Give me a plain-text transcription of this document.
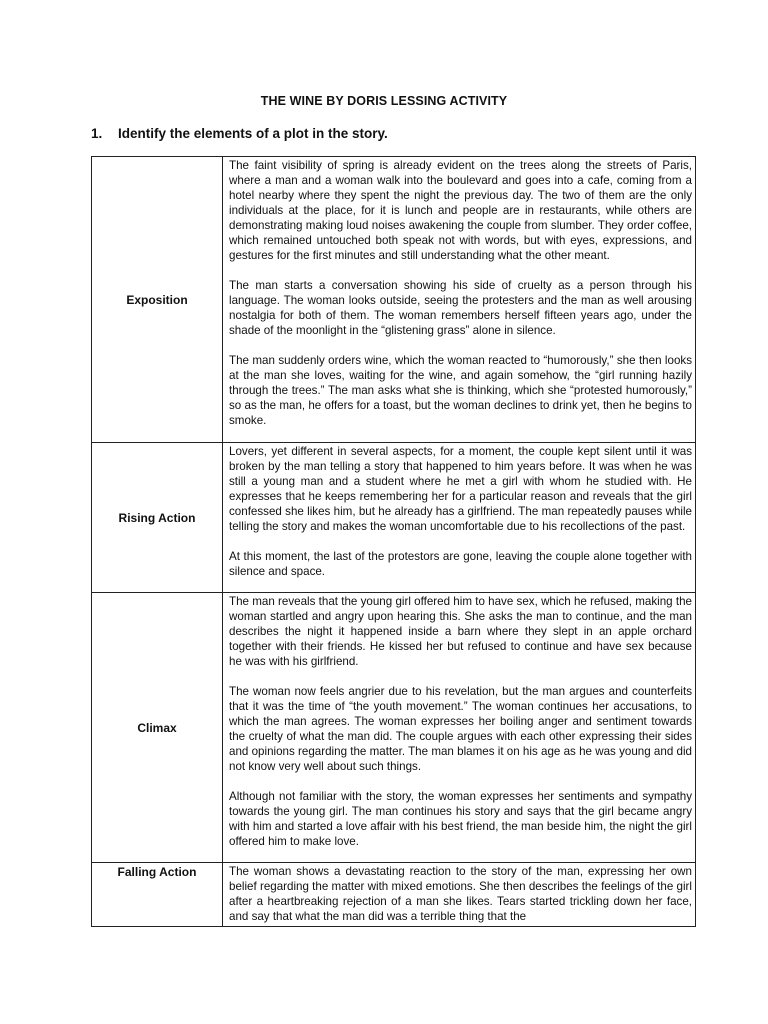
THE WINE BY DORIS LESSING ACTIVITY
1. Identify the elements of a plot in the story.
Exposition	The faint visibility of spring is already evident on the trees along the streets of Paris, where a man and a woman walk into the boulevard and goes into a cafe, coming from a hotel nearby where they spent the night the previous day. The two of them are the only individuals at the place, for it is lunch and people are in restaurants, while others are demonstrating making loud noises awakening the couple from slumber. They order coffee, which remained untouched both speak not with words, but with eyes, expressions, and gestures for the first minutes and still understanding what the other meant.

The man starts a conversation showing his side of cruelty as a person through his language. The woman looks outside, seeing the protesters and the man as well arousing nostalgia for both of them. The woman remembers herself fifteen years ago, under the shade of the moonlight in the “glistening grass” alone in silence.

The man suddenly orders wine, which the woman reacted to “humorously,” she then looks at the man she loves, waiting for the wine, and again somehow, the “girl running hazily through the trees.” The man asks what she is thinking, which she “protested humorously,” so as the man, he offers for a toast, but the woman declines to drink yet, then he begins to smoke.

Rising Action	Lovers, yet different in several aspects, for a moment, the couple kept silent until it was broken by the man telling a story that happened to him years before. It was when he was still a young man and a student where he met a girl with whom he studied with. He expresses that he keeps remembering her for a particular reason and reveals that the girl confessed she likes him, but he already has a girlfriend. The man repeatedly pauses while telling the story and makes the woman uncomfortable due to his recollections of the past.

At this moment, the last of the protestors are gone, leaving the couple alone together with silence and space.

Climax	The man reveals that the young girl offered him to have sex, which he refused, making the woman startled and angry upon hearing this. She asks the man to continue, and the man describes the night it happened inside a barn where they slept in an apple orchard together with their friends. He kissed her but refused to continue and have sex because he was with his girlfriend.

The woman now feels angrier due to his revelation, but the man argues and counterfeits that it was the time of “the youth movement.” The woman continues her accusations, to which the man agrees. The woman expresses her boiling anger and sentiment towards the cruelty of what the man did. The couple argues with each other expressing their sides and opinions regarding the matter. The man blames it on his age as he was young and did not know very well about such things.

Although not familiar with the story, the woman expresses her sentiments and sympathy towards the young girl. The man continues his story and says that the girl became angry with him and started a love affair with his best friend, the man beside him, the night the girl offered him to make love.

Falling Action	The woman shows a devastating reaction to the story of the man, expressing her own belief regarding the matter with mixed emotions. She then describes the feelings of the girl after a heartbreaking rejection of a man she likes. Tears started trickling down her face, and say that what the man did was a terrible thing that the
